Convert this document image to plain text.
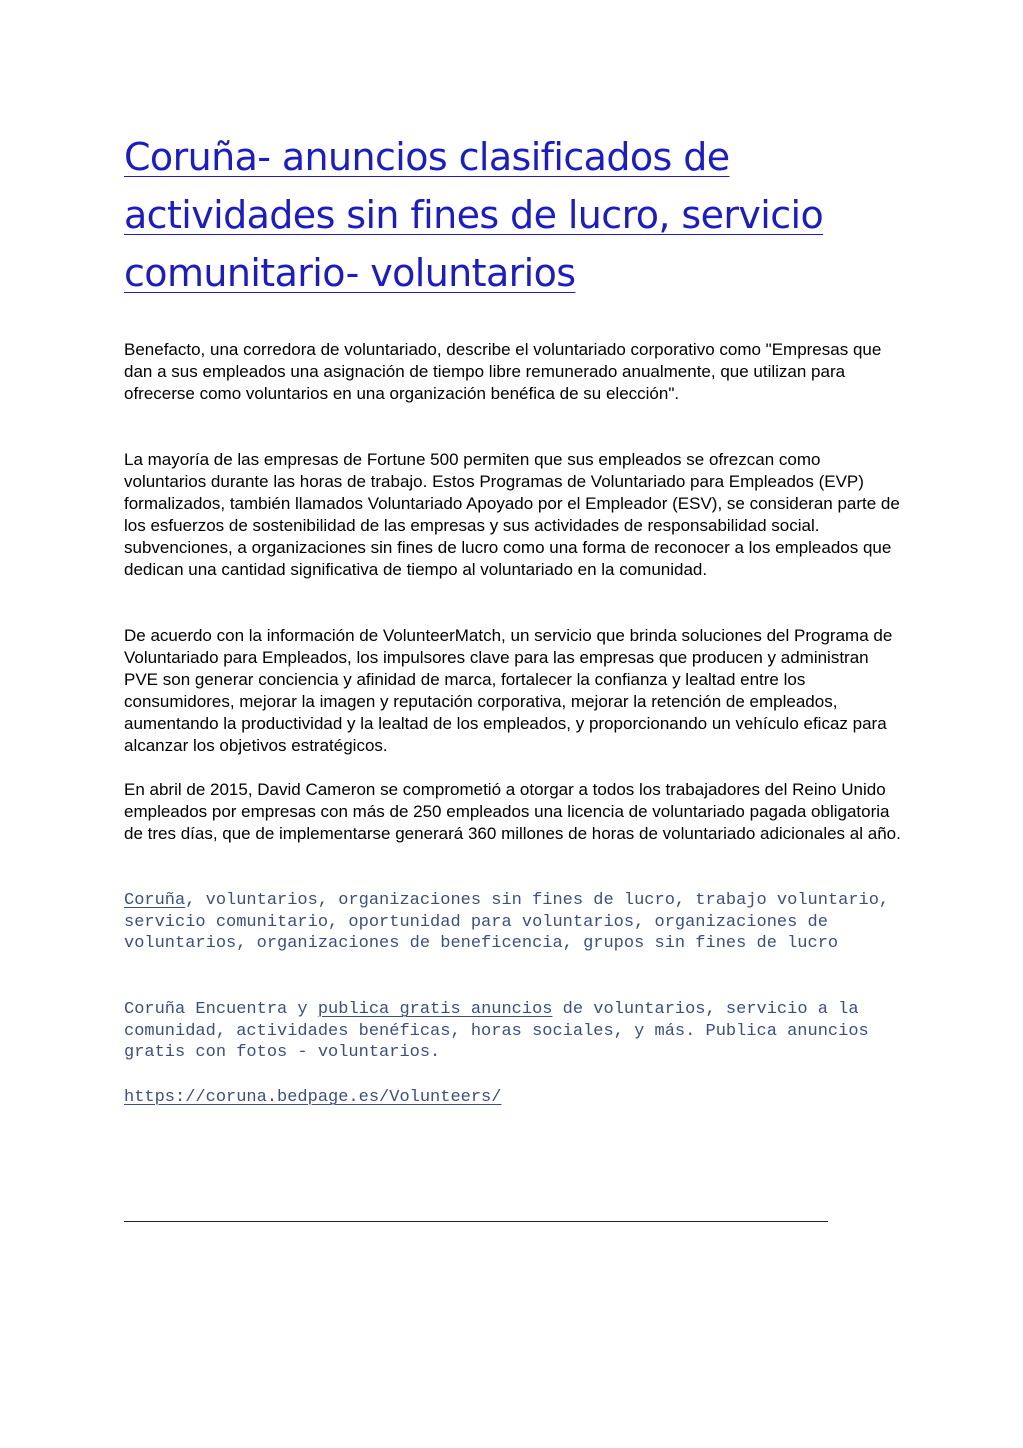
Coruña- anuncios clasificados de actividades sin fines de lucro, servicio comunitario- voluntarios

Benefacto, una corredora de voluntariado, describe el voluntariado corporativo como "Empresas que dan a sus empleados una asignación de tiempo libre remunerado anualmente, que utilizan para ofrecerse como voluntarios en una organización benéfica de su elección".

La mayoría de las empresas de Fortune 500 permiten que sus empleados se ofrezcan como voluntarios durante las horas de trabajo. Estos Programas de Voluntariado para Empleados (EVP) formalizados, también llamados Voluntariado Apoyado por el Empleador (ESV), se consideran parte de los esfuerzos de sostenibilidad de las empresas y sus actividades de responsabilidad social. subvenciones, a organizaciones sin fines de lucro como una forma de reconocer a los empleados que dedican una cantidad significativa de tiempo al voluntariado en la comunidad.

De acuerdo con la información de VolunteerMatch, un servicio que brinda soluciones del Programa de Voluntariado para Empleados, los impulsores clave para las empresas que producen y administran PVE son generar conciencia y afinidad de marca, fortalecer la confianza y lealtad entre los consumidores, mejorar la imagen y reputación corporativa, mejorar la retención de empleados, aumentando la productividad y la lealtad de los empleados, y proporcionando un vehículo eficaz para alcanzar los objetivos estratégicos.

En abril de 2015, David Cameron se comprometió a otorgar a todos los trabajadores del Reino Unido empleados por empresas con más de 250 empleados una licencia de voluntariado pagada obligatoria de tres días, que de implementarse generará 360 millones de horas de voluntariado adicionales al año.

Coruña, voluntarios, organizaciones sin fines de lucro, trabajo voluntario, servicio comunitario, oportunidad para voluntarios, organizaciones de voluntarios, organizaciones de beneficencia, grupos sin fines de lucro

Coruña Encuentra y publica gratis anuncios de voluntarios, servicio a la comunidad, actividades benéficas, horas sociales, y más. Publica anuncios gratis con fotos - voluntarios.

https://coruna.bedpage.es/Volunteers/
